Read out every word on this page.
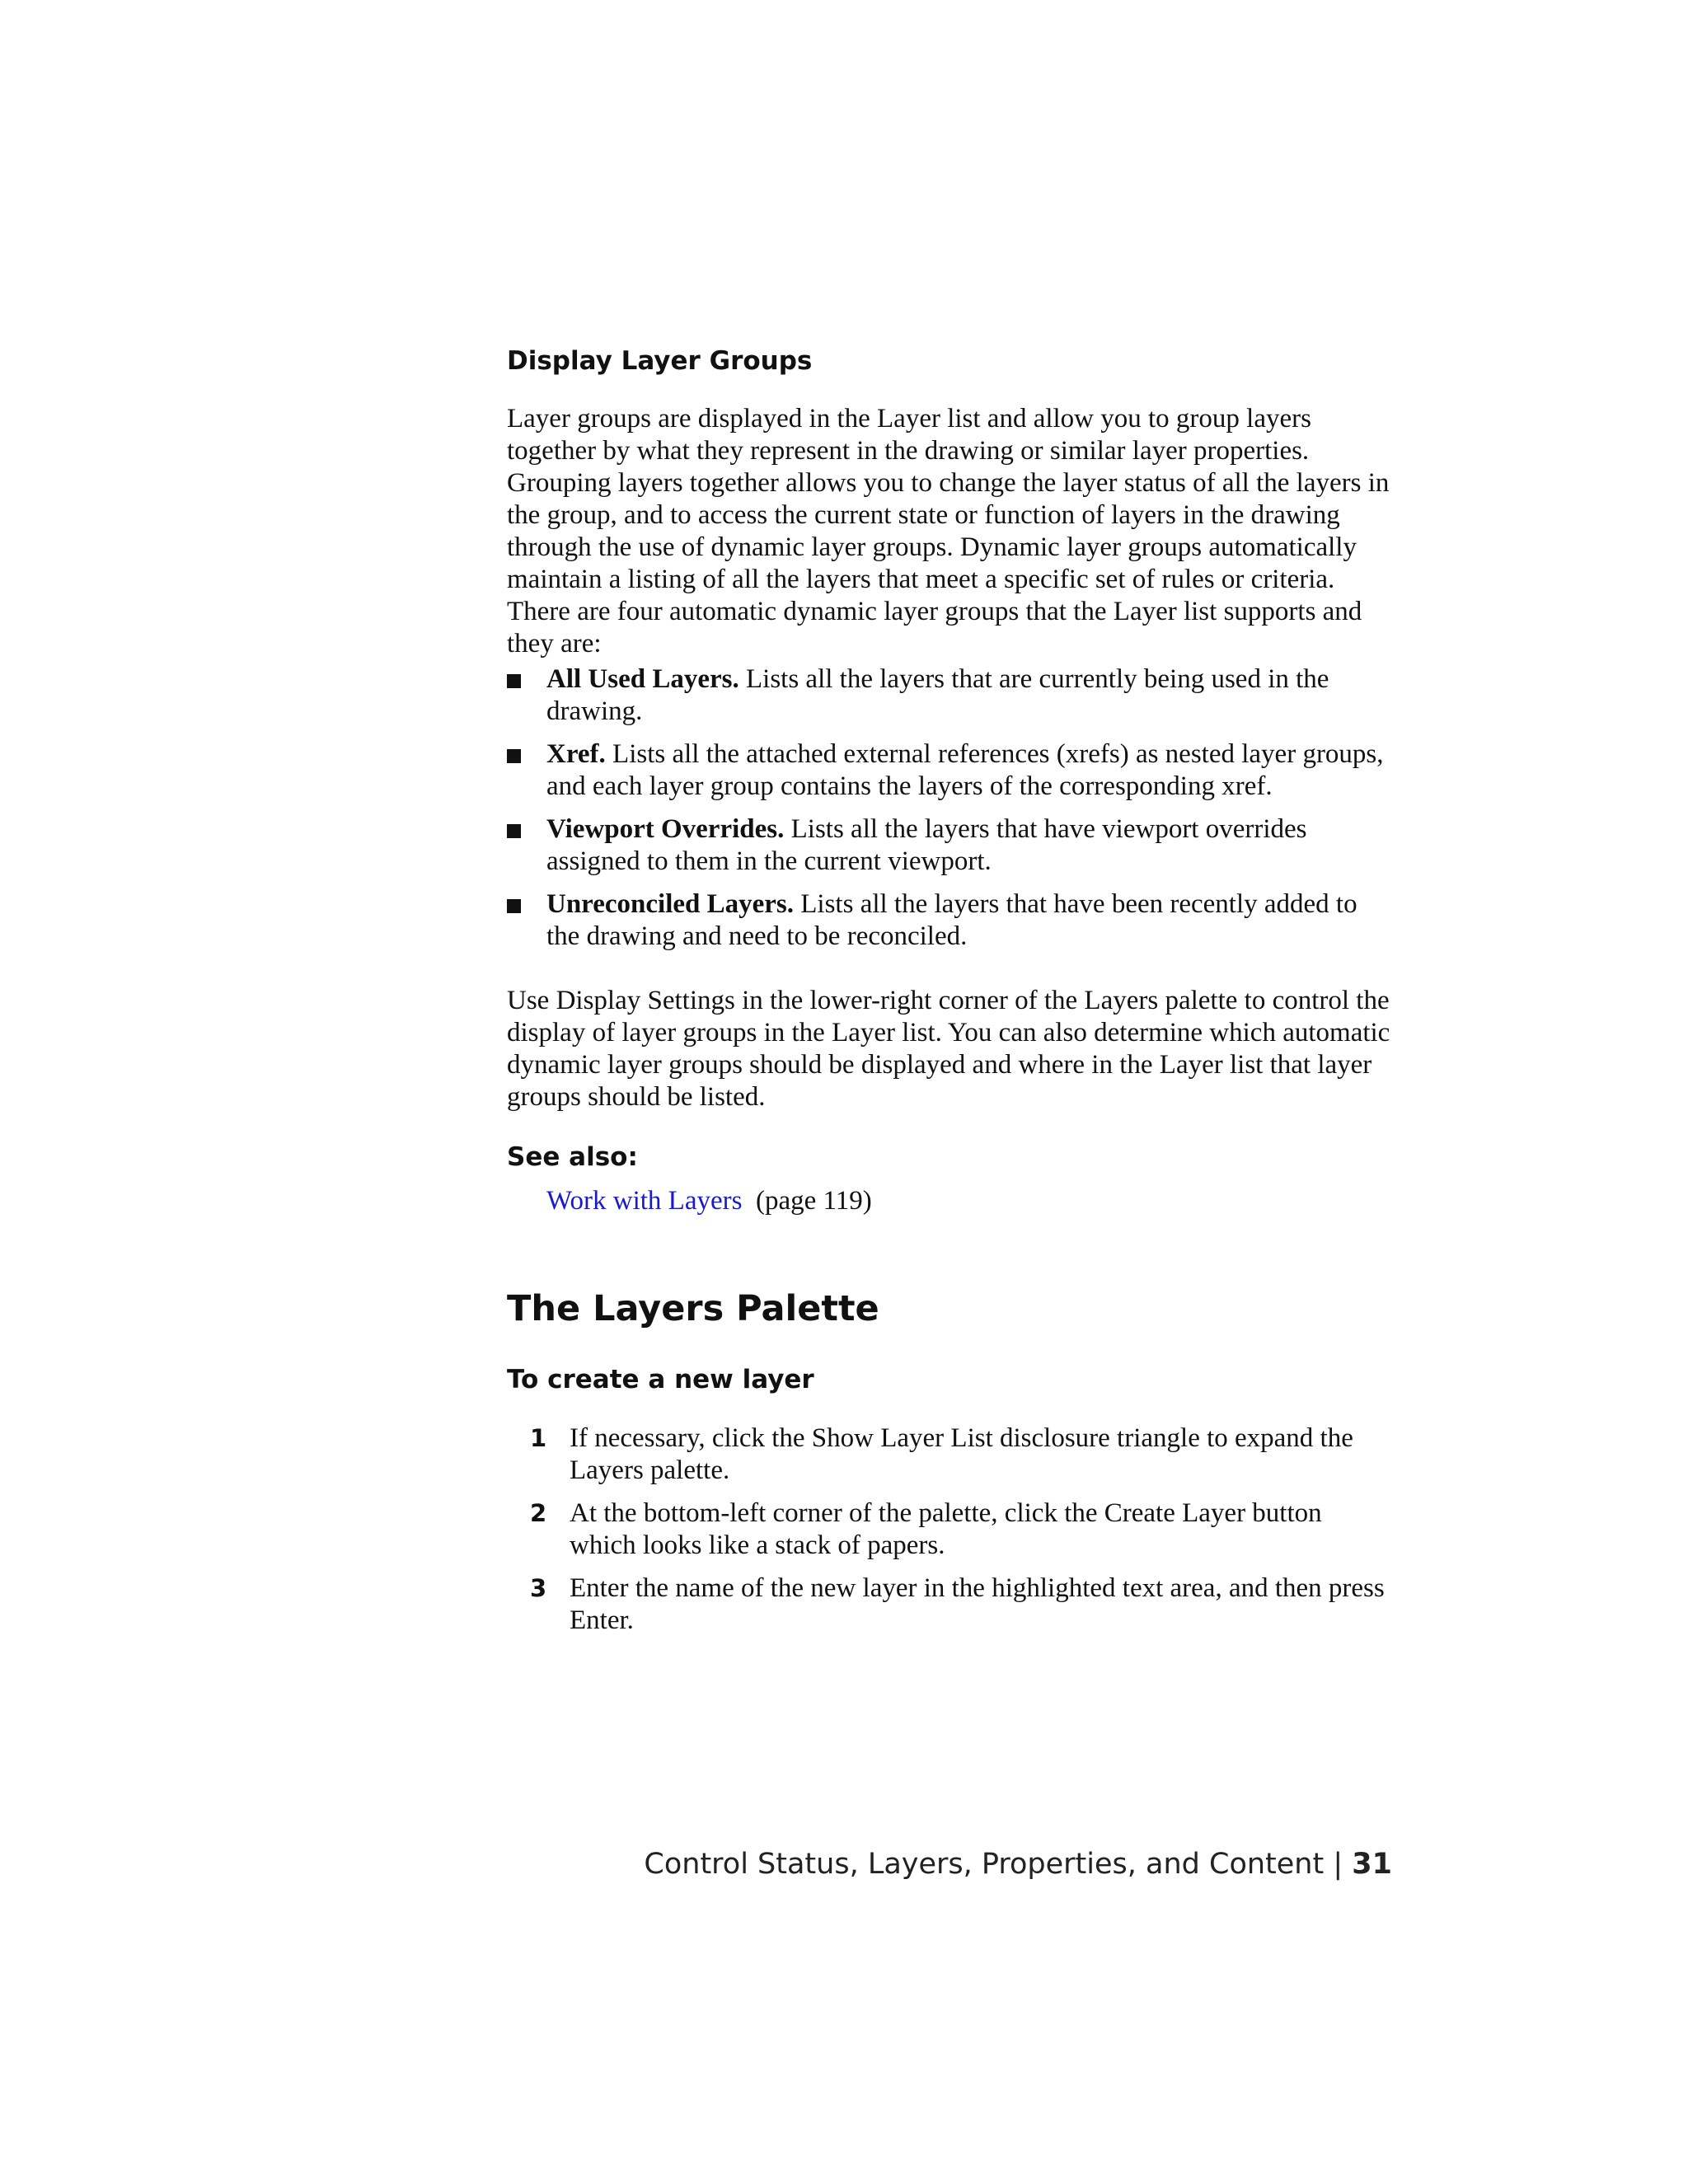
Display Layer Groups

Layer groups are displayed in the Layer list and allow you to group layers together by what they represent in the drawing or similar layer properties. Grouping layers together allows you to change the layer status of all the layers in the group, and to access the current state or function of layers in the drawing through the use of dynamic layer groups. Dynamic layer groups automatically maintain a listing of all the layers that meet a specific set of rules or criteria. There are four automatic dynamic layer groups that the Layer list supports and they are:

All Used Layers. Lists all the layers that are currently being used in the drawing.
Xref. Lists all the attached external references (xrefs) as nested layer groups, and each layer group contains the layers of the corresponding xref.
Viewport Overrides. Lists all the layers that have viewport overrides assigned to them in the current viewport.
Unreconciled Layers. Lists all the layers that have been recently added to the drawing and need to be reconciled.

Use Display Settings in the lower-right corner of the Layers palette to control the display of layer groups in the Layer list. You can also determine which automatic dynamic layer groups should be displayed and where in the Layer list that layer groups should be listed.

See also:

Work with Layers (page 119)

The Layers Palette
To create a new layer
1 If necessary, click the Show Layer List disclosure triangle to expand the Layers palette.
2 At the bottom-left corner of the palette, click the Create Layer button which looks like a stack of papers.
3 Enter the name of the new layer in the highlighted text area, and then press Enter.
Control Status, Layers, Properties, and Content | 31
